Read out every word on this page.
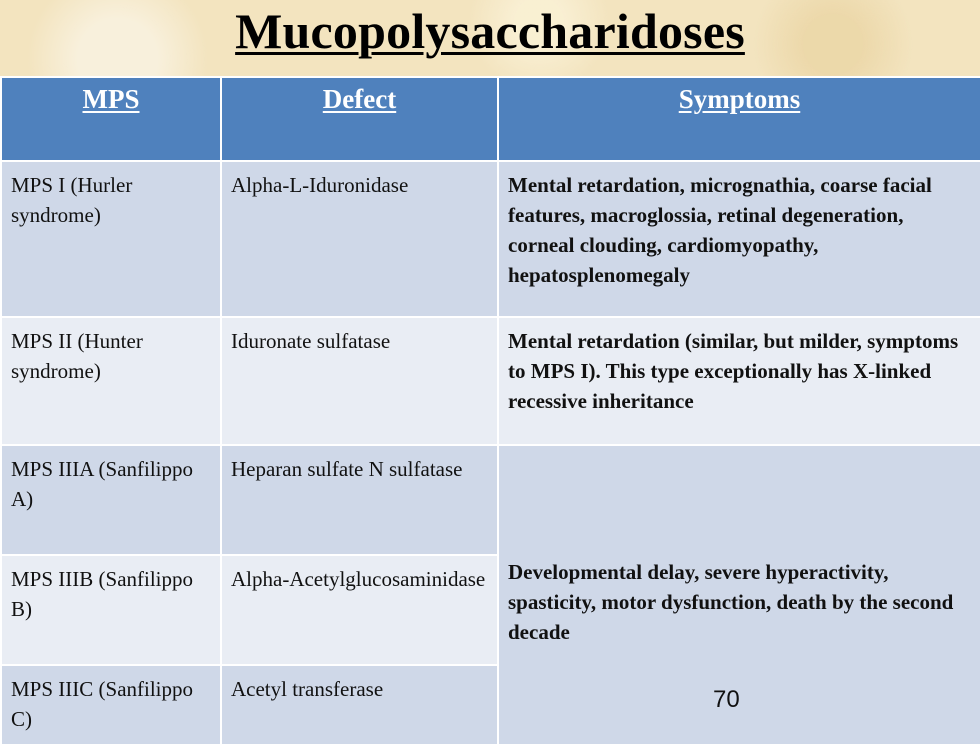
Mucopolysaccharidoses
MPS	Defect	Symptoms
MPS I (Hurler syndrome)	Alpha-L-Iduronidase	Mental retardation, micrognathia, coarse facial features, macroglossia, retinal degeneration,
corneal clouding, cardiomyopathy, hepatosplenomegaly

MPS II (Hunter syndrome)	Iduronate sulfatase	Mental retardation (similar, but milder, symptoms to MPS I). This type exceptionally has X-linked
recessive inheritance

MPS IIIA (Sanfilippo A)	Heparan sulfate N sulfatase	Developmental delay, severe hyperactivity, spasticity, motor dysfunction, death by the second decade
MPS IIIB (Sanfilippo B)	Alpha-Acetylglucosaminidase	
MPS IIIC (Sanfilippo C)	Acetyl transferase		70
